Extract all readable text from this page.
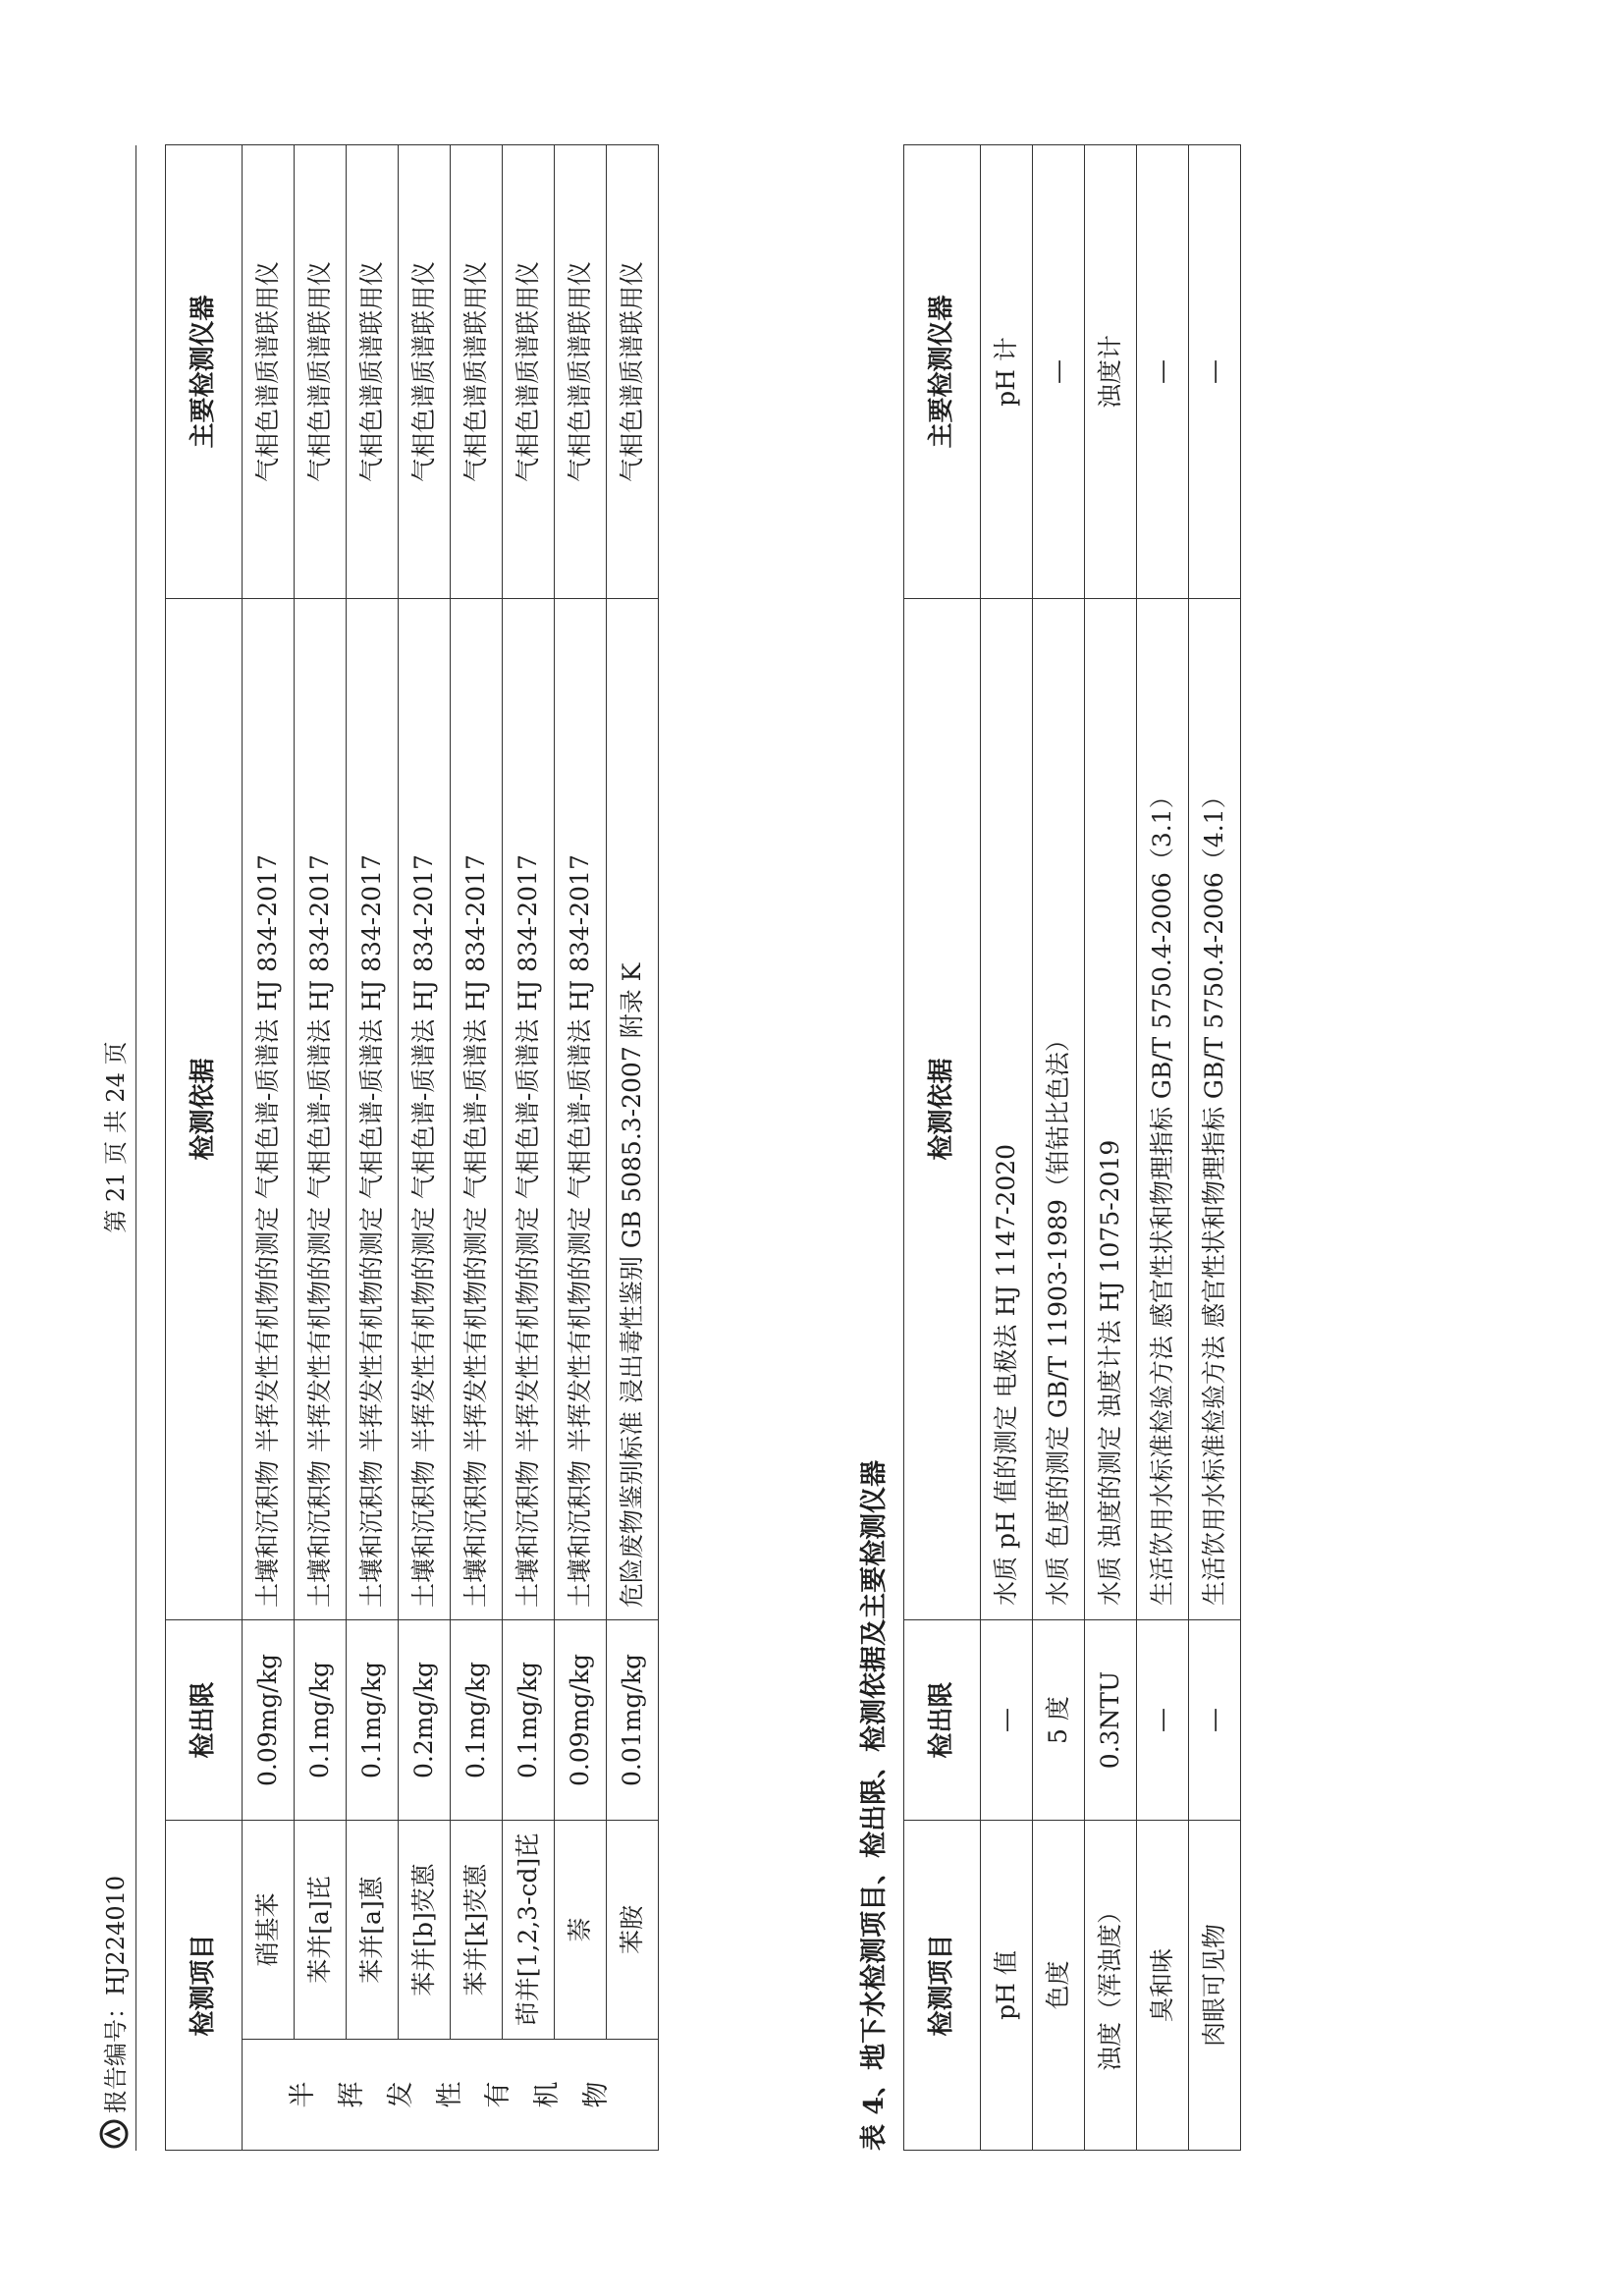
报告编号：HJ224010
第 21 页 共 24 页
检测项目		检出限	检测依据	主要检测仪器
半挥发性有机物	硝基苯	0.09mg/kg	土壤和沉积物 半挥发性有机物的测定 气相色谱-质谱法 HJ 834-2017	气相色谱质谱联用仪
	苯并[a]芘	0.1mg/kg	土壤和沉积物 半挥发性有机物的测定 气相色谱-质谱法 HJ 834-2017	气相色谱质谱联用仪
	苯并[a]蒽	0.1mg/kg	土壤和沉积物 半挥发性有机物的测定 气相色谱-质谱法 HJ 834-2017	气相色谱质谱联用仪
	苯并[b]荧蒽	0.2mg/kg	土壤和沉积物 半挥发性有机物的测定 气相色谱-质谱法 HJ 834-2017	气相色谱质谱联用仪
	苯并[k]荧蒽	0.1mg/kg	土壤和沉积物 半挥发性有机物的测定 气相色谱-质谱法 HJ 834-2017	气相色谱质谱联用仪
	茚并[1,2,3-cd]芘	0.1mg/kg	土壤和沉积物 半挥发性有机物的测定 气相色谱-质谱法 HJ 834-2017	气相色谱质谱联用仪
	萘	0.09mg/kg	土壤和沉积物 半挥发性有机物的测定 气相色谱-质谱法 HJ 834-2017	气相色谱质谱联用仪
	苯胺	0.01mg/kg	危险废物鉴别标准 浸出毒性鉴别 GB 5085.3-2007 附录 K	气相色谱质谱联用仪
表 4、地下水检测项目、检出限、检测依据及主要检测仪器 检测项目	检出限	检测依据	主要检测仪器
pH 值	—	水质 pH 值的测定 电极法 HJ 1147-2020	pH 计
色度	5 度	水质 色度的测定 GB/T 11903-1989（铂钴比色法）	—
浊度（浑浊度）	0.3NTU	水质 浊度的测定 浊度计法 HJ 1075-2019	浊度计
臭和味	—	生活饮用水标准检验方法 感官性状和物理指标 GB/T 5750.4-2006（3.1）	—
肉眼可见物	—	生活饮用水标准检验方法 感官性状和物理指标 GB/T 5750.4-2006（4.1）	—
